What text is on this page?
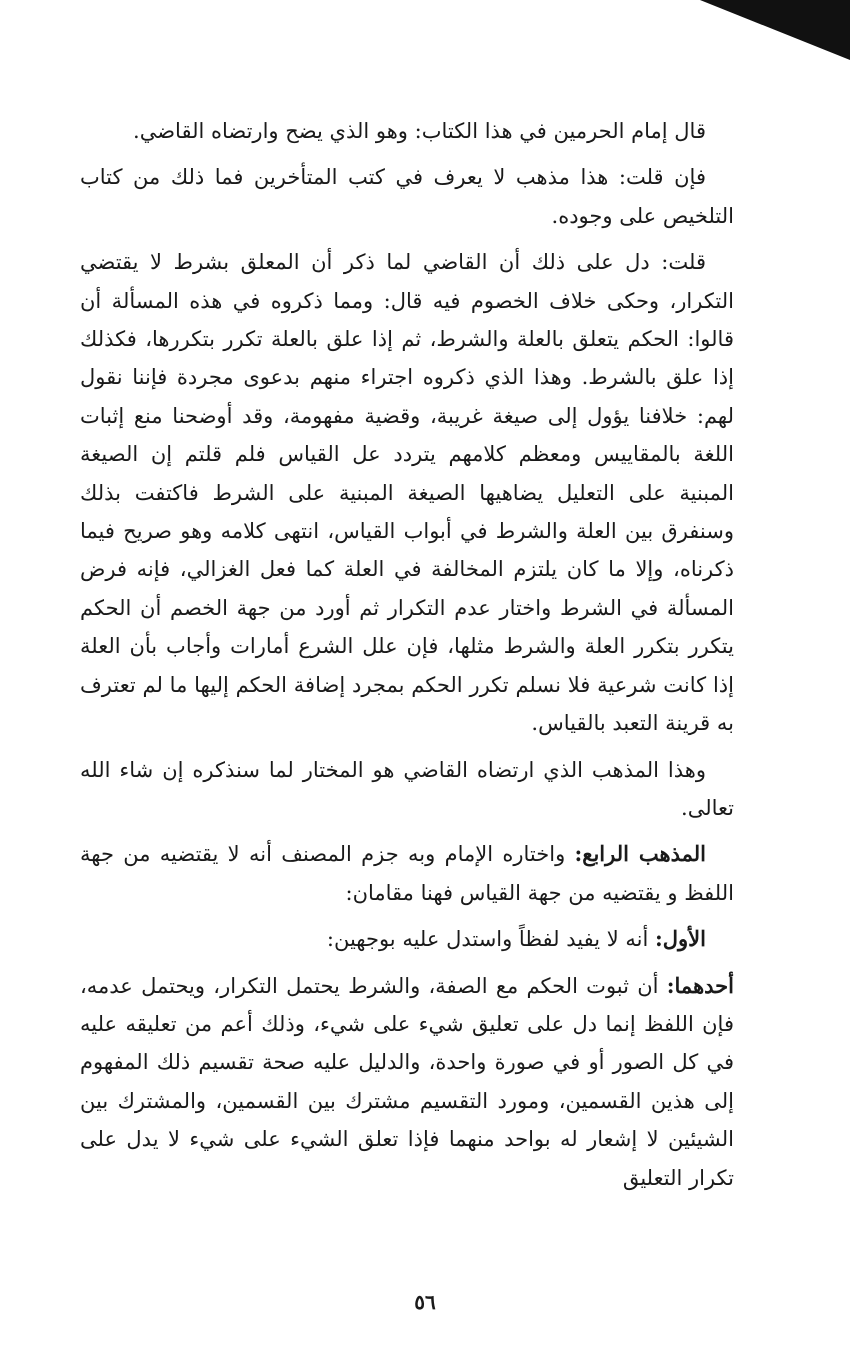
قال إمام الحرمين في هذا الكتاب: وهو الذي يضح وارتضاه القاضي.

فإن قلت: هذا مذهب لا يعرف في كتب المتأخرين فما ذلك من كتاب التلخيص على وجوده.

قلت: دل على ذلك أن القاضي لما ذكر أن المعلق بشرط لا يقتضي التكرار، وحكى خلاف الخصوم فيه قال: ومما ذكروه في هذه المسألة أن قالوا: الحكم يتعلق بالعلة والشرط، ثم إذا علق بالعلة تكرر بتكررها، فكذلك إذا علق بالشرط. وهذا الذي ذكروه اجتراء منهم بدعوى مجردة فإننا نقول لهم: خلافنا يؤول إلى صيغة غريبة، وقضية مفهومة، وقد أوضحنا منع إثبات اللغة بالمقاييس ومعظم كلامهم يتردد عل القياس فلم قلتم إن الصيغة المبنية على التعليل يضاهيها الصيغة المبنية على الشرط فاكتفت بذلك وسنفرق بين العلة والشرط في أبواب القياس، انتهى كلامه وهو صريح فيما ذكرناه، وإلا ما كان يلتزم المخالفة في العلة كما فعل الغزالي، فإنه فرض المسألة في الشرط واختار عدم التكرار ثم أورد من جهة الخصم أن الحكم يتكرر بتكرر العلة والشرط مثلها، فإن علل الشرع أمارات وأجاب بأن العلة إذا كانت شرعية فلا نسلم تكرر الحكم بمجرد إضافة الحكم إليها ما لم تعترف به قرينة التعبد بالقياس.

وهذا المذهب الذي ارتضاه القاضي هو المختار لما سنذكره إن شاء الله تعالى.

المذهب الرابع: واختاره الإمام وبه جزم المصنف أنه لا يقتضيه من جهة اللفظ و يقتضيه من جهة القياس فهنا مقامان:

الأول: أنه لا يفيد لفظاً واستدل عليه بوجهين:

أحدهما: أن ثبوت الحكم مع الصفة، والشرط يحتمل التكرار، ويحتمل عدمه، فإن اللفظ إنما دل على تعليق شيء على شيء، وذلك أعم من تعليقه عليه في كل الصور أو في صورة واحدة، والدليل عليه صحة تقسيم ذلك المفهوم إلى هذين القسمين، ومورد التقسيم مشترك بين القسمين، والمشترك بين الشيئين لا إشعار له بواحد منهما فإذا تعلق الشيء على شيء لا يدل على تكرار التعليق

٥٦
